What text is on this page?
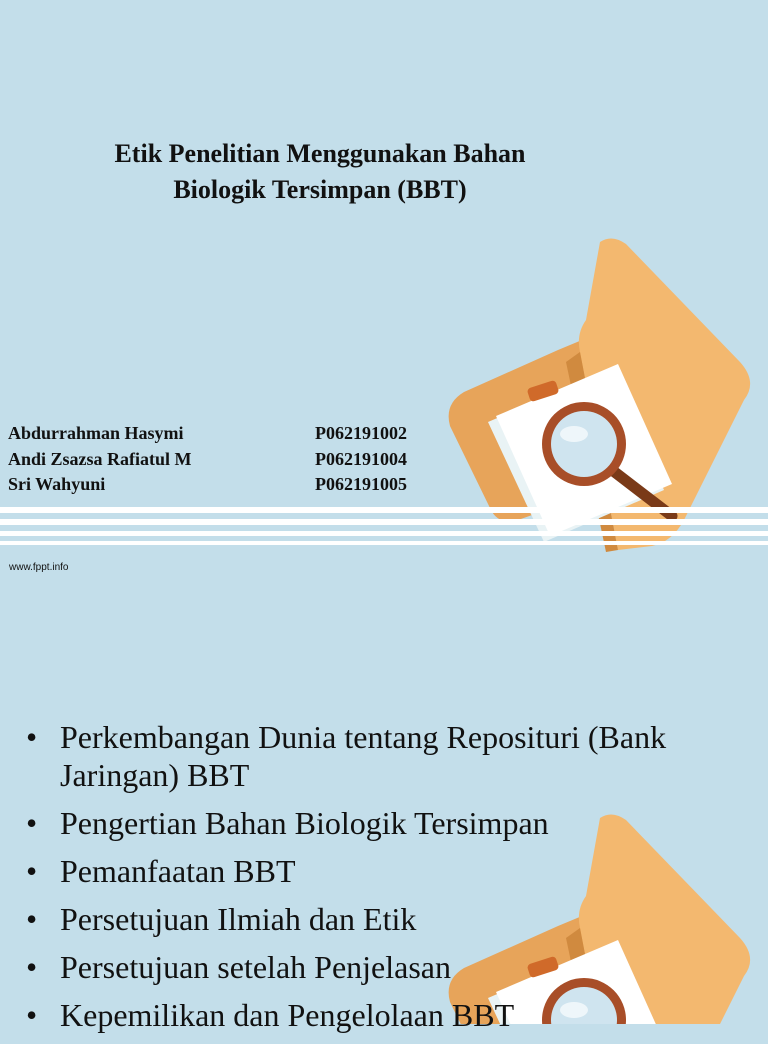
Etik Penelitian Menggunakan Bahan
Biologik Tersimpan (BBT)
Abdurrahman Hasymi	P062191002
Andi Zsazsa Rafiatul M	P062191004
Sri Wahyuni	P062191005
www.fppt.info
• Perkembangan Dunia tentang Reposituri (Bank Jaringan) BBT
• Pengertian Bahan Biologik Tersimpan
• Pemanfaatan BBT
• Persetujuan Ilmiah dan Etik
• Persetujuan setelah Penjelasan
• Kepemilikan dan Pengelolaan BBT
